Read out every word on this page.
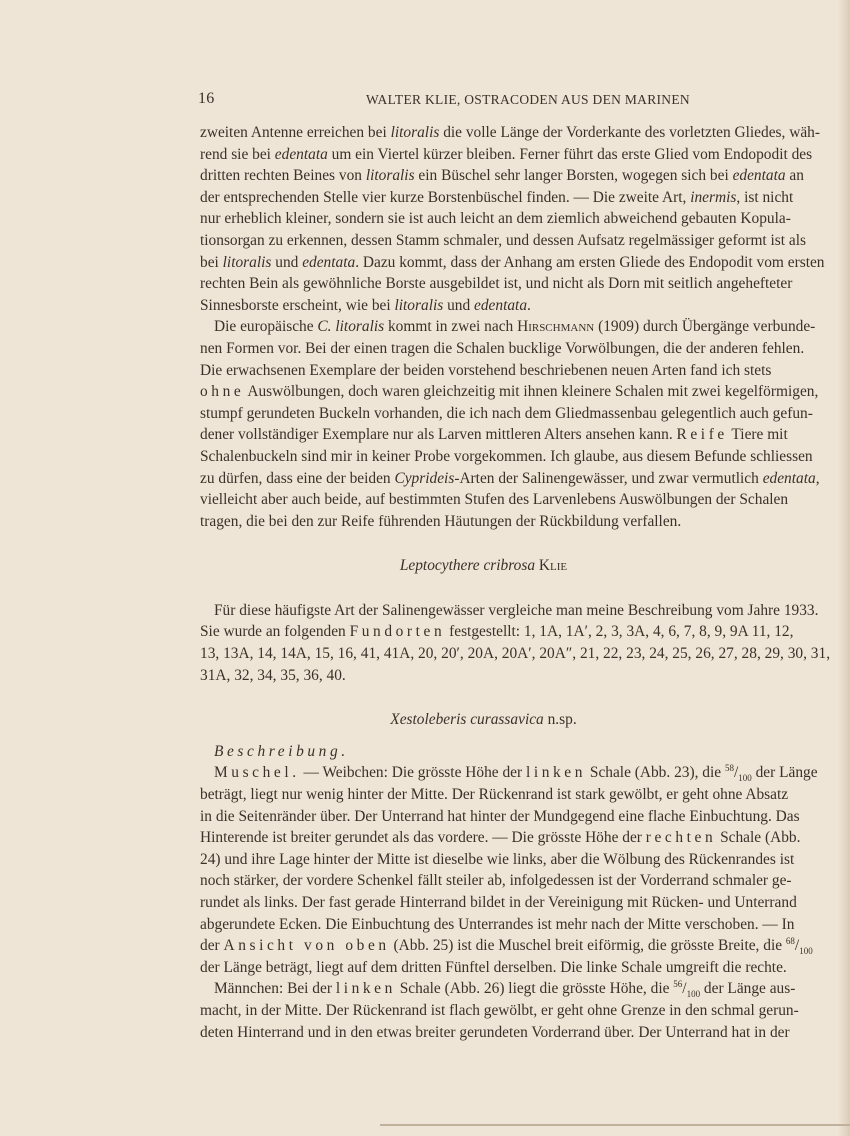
16	WALTER KLIE, OSTRACODEN AUS DEN MARINEN
zweiten Antenne erreichen bei litoralis die volle Länge der Vorderkante des vorletzten Gliedes, wäh-
rend sie bei edentata um ein Viertel kürzer bleiben. Ferner führt das erste Glied vom Endopodit des
dritten rechten Beines von litoralis ein Büschel sehr langer Borsten, wogegen sich bei edentata an
der entsprechenden Stelle vier kurze Borstenbüschel finden. — Die zweite Art, inermis, ist nicht
nur erheblich kleiner, sondern sie ist auch leicht an dem ziemlich abweichend gebauten Kopula-
tionsorgan zu erkennen, dessen Stamm schmaler, und dessen Aufsatz regelmässiger geformt ist als
bei litoralis und edentata. Dazu kommt, dass der Anhang am ersten Gliede des Endopodit vom ersten
rechten Bein als gewöhnliche Borste ausgebildet ist, und nicht als Dorn mit seitlich angehefteter
Sinnesborste erscheint, wie bei litoralis und edentata.
Die europäische C. litoralis kommt in zwei nach Hirschmann (1909) durch Übergänge verbunde-
nen Formen vor. Bei der einen tragen die Schalen bucklige Vorwölbungen, die der anderen fehlen.
Die erwachsenen Exemplare der beiden vorstehend beschriebenen neuen Arten fand ich stets
ohne Auswölbungen, doch waren gleichzeitig mit ihnen kleinere Schalen mit zwei kegelförmigen,
stumpf gerundeten Buckeln vorhanden, die ich nach dem Gliedmassenbau gelegentlich auch gefun-
dener vollständiger Exemplare nur als Larven mittleren Alters ansehen kann. Reife Tiere mit
Schalenbuckeln sind mir in keiner Probe vorgekommen. Ich glaube, aus diesem Befunde schliessen
zu dürfen, dass eine der beiden Cyprideis-Arten der Salinengewässer, und zwar vermutlich edentata,
vielleicht aber auch beide, auf bestimmten Stufen des Larvenlebens Auswölbungen der Schalen
tragen, die bei den zur Reife führenden Häutungen der Rückbildung verfallen.
Leptocythere cribrosa Klie
Für diese häufigste Art der Salinengewässer vergleiche man meine Beschreibung vom Jahre 1933.
Sie wurde an folgenden Fundorten festgestellt: 1, 1A, 1A′, 2, 3, 3A, 4, 6, 7, 8, 9, 9A 11, 12,
13, 13A, 14, 14A, 15, 16, 41, 41A, 20, 20′, 20A, 20A′, 20A″, 21, 22, 23, 24, 25, 26, 27, 28, 29, 30, 31,
31A, 32, 34, 35, 36, 40.
Xestoleberis curassavica n.sp.
Beschreibung.
Muschel. — Weibchen: Die grösste Höhe der linken Schale (Abb. 23), die $^{58}/_{100}$ der Länge
beträgt, liegt nur wenig hinter der Mitte. Der Rückenrand ist stark gewölbt, er geht ohne Absatz
in die Seitenränder über. Der Unterrand hat hinter der Mundgegend eine flache Einbuchtung. Das
Hinterende ist breiter gerundet als das vordere. — Die grösste Höhe der rechten Schale (Abb.
24) und ihre Lage hinter der Mitte ist dieselbe wie links, aber die Wölbung des Rückenrandes ist
noch stärker, der vordere Schenkel fällt steiler ab, infolgedessen ist der Vorderrand schmaler ge-
rundet als links. Der fast gerade Hinterrand bildet in der Vereinigung mit Rücken- und Unterrand
abgerundete Ecken. Die Einbuchtung des Unterrandes ist mehr nach der Mitte verschoben. — In
der Ansicht von oben (Abb. 25) ist die Muschel breit eiförmig, die grösste Breite, die $^{68}/_{100}$
der Länge beträgt, liegt auf dem dritten Fünftel derselben. Die linke Schale umgreift die rechte.
Männchen: Bei der linken Schale (Abb. 26) liegt die grösste Höhe, die $^{56}/_{100}$ der Länge aus-
macht, in der Mitte. Der Rückenrand ist flach gewölbt, er geht ohne Grenze in den schmal gerun-
deten Hinterrand und in den etwas breiter gerundeten Vorderrand über. Der Unterrand hat in der
